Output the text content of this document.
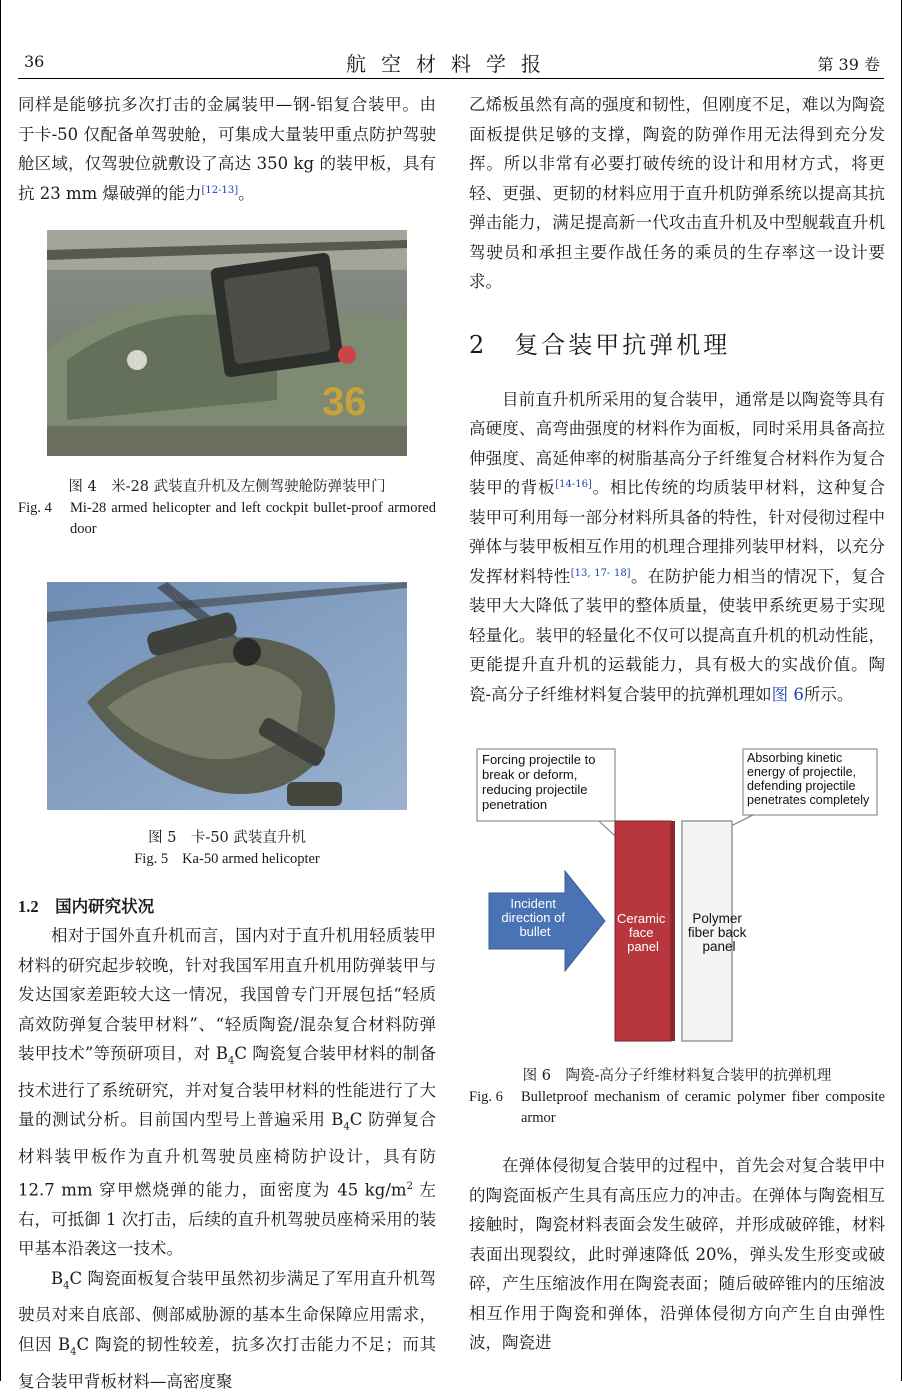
36	航空材料学报	第 39 卷

同样是能够抗多次打击的金属装甲—钢-铝复合装甲。由于卡-50 仅配备单驾驶舱，可集成大量装甲重点防护驾驶舱区域，仅驾驶位就敷设了高达 350 kg 的装甲板，具有抗 23 mm 爆破弹的能力[12-13]。

36
图 4　米-28 武装直升机及左侧驾驶舱防弹装甲门
Fig. 4	Mi-28 armed helicopter and left cockpit bullet-proof armored door
图 5　卡-50 武装直升机
Fig. 5 Ka-50 armed helicopter

1.2　国内研究状况

相对于国外直升机而言，国内对于直升机用轻质装甲材料的研究起步较晚，针对我国军用直升机用防弹装甲与发达国家差距较大这一情况，我国曾专门开展包括“轻质高效防弹复合装甲材料”、“轻质陶瓷/混杂复合材料防弹装甲技术”等预研项目，对 $B_4C$ 陶瓷复合装甲材料的制备技术进行了系统研究，并对复合装甲材料的性能进行了大量的测试分析。目前国内型号上普遍采用 $B_4C$ 防弹复合材料装甲板作为直升机驾驶员座椅防护设计，具有防 12.7 mm 穿甲燃烧弹的能力，面密度为 45 $kg/m^2$ 左右，可抵御 1 次打击，后续的直升机驾驶员座椅采用的装甲基本沿袭这一技术。

$B_4C$ 陶瓷面板复合装甲虽然初步满足了军用直升机驾驶员对来自底部、侧部威胁源的基本生命保障应用需求，但因 $B_4C$ 陶瓷的韧性较差，抗多次打击能力不足；而其复合装甲背板材料—高密度聚

乙烯板虽然有高的强度和韧性，但刚度不足，难以为陶瓷面板提供足够的支撑，陶瓷的防弹作用无法得到充分发挥。所以非常有必要打破传统的设计和用材方式，将更轻、更强、更韧的材料应用于直升机防弹系统以提高其抗弹击能力，满足提高新一代攻击直升机及中型舰载直升机驾驶员和承担主要作战任务的乘员的生存率这一设计要求。

2　复合装甲抗弹机理

目前直升机所采用的复合装甲，通常是以陶瓷等具有高硬度、高弯曲强度的材料作为面板，同时采用具备高拉伸强度、高延伸率的树脂基高分子纤维复合材料作为复合装甲的背板[14-16]。相比传统的均质装甲材料，这种复合装甲可利用每一部分材料所具备的特性，针对侵彻过程中弹体与装甲板相互作用的机理合理排列装甲材料，以充分发挥材料特性[13, 17- 18]。在防护能力相当的情况下，复合装甲大大降低了装甲的整体质量，使装甲系统更易于实现轻量化。装甲的轻量化不仅可以提高直升机的机动性能，更能提升直升机的运载能力，具有极大的实战价值。陶瓷-高分子纤维材料复合装甲的抗弹机理如图 6所示。

Forcing projectile to break or deform, reducing projectile penetration
Absorbing kinetic energy of projectile, defending projectile penetrates completely
Incident direction of bullet
Ceramic face panel
Polymer fiber back panel
图 6　陶瓷-高分子纤维材料复合装甲的抗弹机理
Fig. 6	Bulletproof mechanism of ceramic polymer fiber composite armor

在弹体侵彻复合装甲的过程中，首先会对复合装甲中的陶瓷面板产生具有高压应力的冲击。在弹体与陶瓷相互接触时，陶瓷材料表面会发生破碎，并形成破碎锥，材料表面出现裂纹，此时弹速降低 20%，弹头发生形变或破碎，产生压缩波作用在陶瓷表面；随后破碎锥内的压缩波相互作用于陶瓷和弹体，沿弹体侵彻方向产生自由弹性波，陶瓷进
